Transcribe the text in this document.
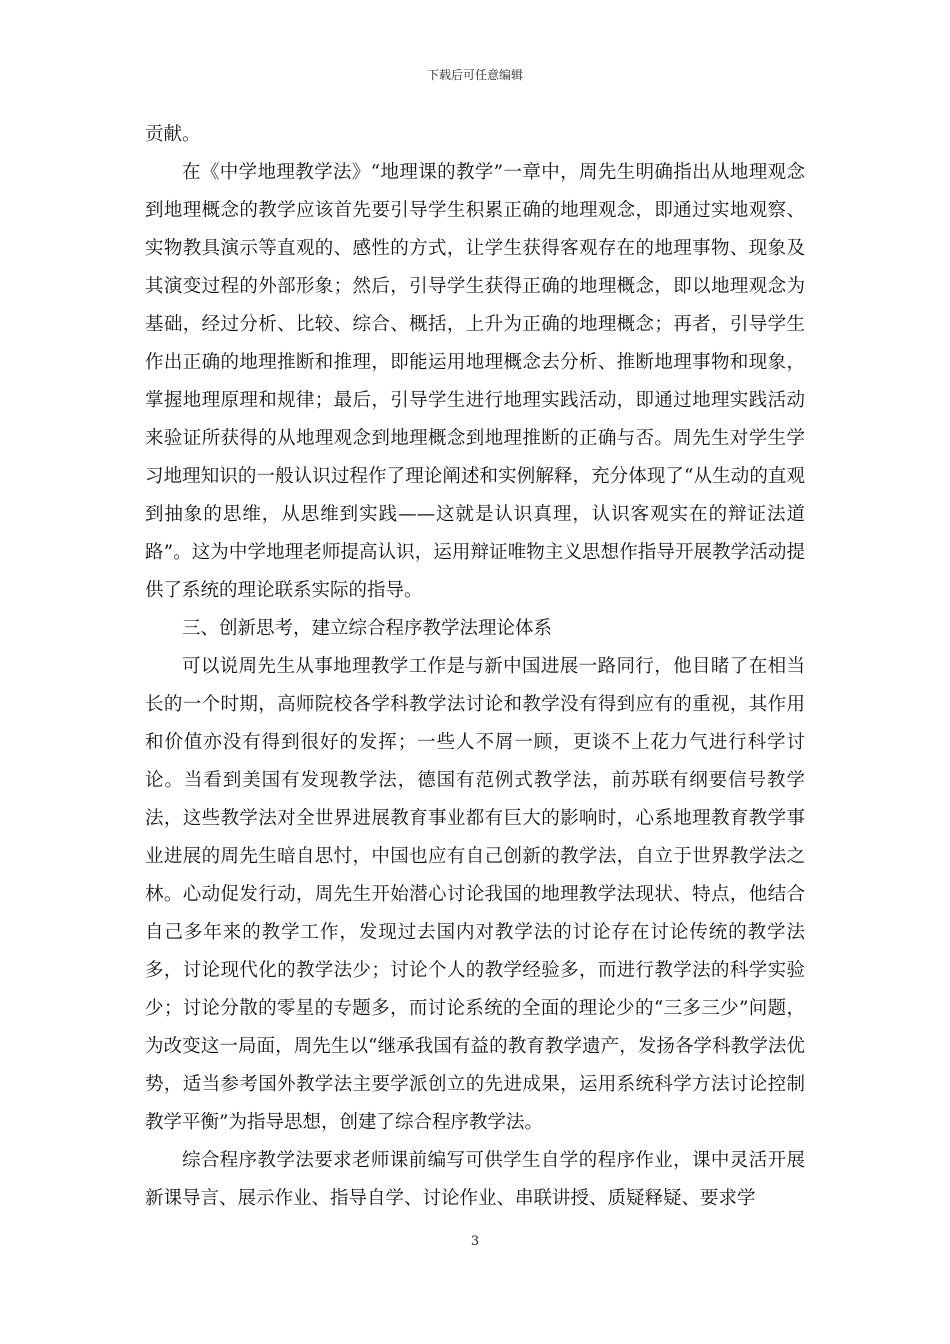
下载后可任意编辑

贡献。

在《中学地理教学法》“地理课的教学”一章中，周先生明确指出从地理观念到地理概念的教学应该首先要引导学生积累正确的地理观念，即通过实地观察、实物教具演示等直观的、感性的方式，让学生获得客观存在的地理事物、现象及其演变过程的外部形象；然后，引导学生获得正确的地理概念，即以地理观念为基础，经过分析、比较、综合、概括，上升为正确的地理概念；再者，引导学生作出正确的地理推断和推理，即能运用地理概念去分析、推断地理事物和现象，掌握地理原理和规律；最后，引导学生进行地理实践活动，即通过地理实践活动来验证所获得的从地理观念到地理概念到地理推断的正确与否。周先生对学生学习地理知识的一般认识过程作了理论阐述和实例解释，充分体现了“从生动的直观到抽象的思维，从思维到实践——这就是认识真理，认识客观实在的辩证法道路”。这为中学地理老师提高认识，运用辩证唯物主义思想作指导开展教学活动提供了系统的理论联系实际的指导。

三、创新思考，建立综合程序教学法理论体系

可以说周先生从事地理教学工作是与新中国进展一路同行，他目睹了在相当长的一个时期，高师院校各学科教学法讨论和教学没有得到应有的重视，其作用和价值亦没有得到很好的发挥；一些人不屑一顾，更谈不上花力气进行科学讨论。当看到美国有发现教学法，德国有范例式教学法，前苏联有纲要信号教学法，这些教学法对全世界进展教育事业都有巨大的影响时，心系地理教育教学事业进展的周先生暗自思忖，中国也应有自己创新的教学法，自立于世界教学法之林。心动促发行动，周先生开始潜心讨论我国的地理教学法现状、特点，他结合自己多年来的教学工作，发现过去国内对教学法的讨论存在讨论传统的教学法多，讨论现代化的教学法少；讨论个人的教学经验多，而进行教学法的科学实验少；讨论分散的零星的专题多，而讨论系统的全面的理论少的“三多三少”问题，为改变这一局面，周先生以“继承我国有益的教育教学遗产，发扬各学科教学法优势，适当参考国外教学法主要学派创立的先进成果，运用系统科学方法讨论控制教学平衡”为指导思想，创建了综合程序教学法。

综合程序教学法要求老师课前编写可供学生自学的程序作业，课中灵活开展新课导言、展示作业、指导自学、讨论作业、串联讲授、质疑释疑、要求学

3
